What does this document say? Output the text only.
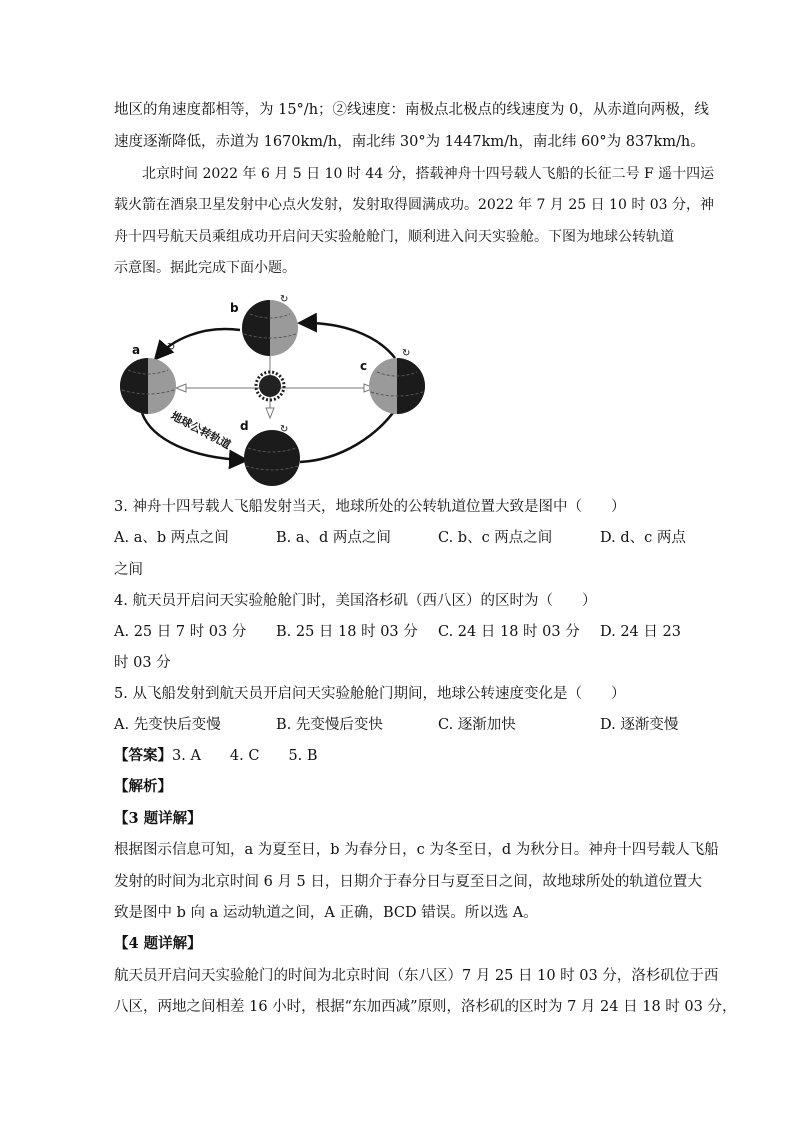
地区的角速度都相等，为 15°/h；②线速度：南极点北极点的线速度为 0，从赤道向两极，线
速度逐渐降低，赤道为 1670km/h，南北纬 30°为 1447km/h，南北纬 60°为 837km/h。
北京时间 2022 年 6 月 5 日 10 时 44 分，搭载神舟十四号载人飞船的长征二号 F 遥十四运
载火箭在酒泉卫星发射中心点火发射，发射取得圆满成功。2022 年 7 月 25 日 10 时 03 分，神
舟十四号航天员乘组成功开启问天实验舱舱门，顺利进入问天实验舱。下图为地球公转轨道
示意图。据此完成下面小题。
↻
↻
↻
↻
a
b
c
d
地球公转轨道
3. 神舟十四号载人飞船发射当天，地球所处的公转轨道位置大致是图中（　　）
A. a、b 两点之间	B. a、d 两点之间	C. b、c 两点之间	D. d、c 两点
之间
4. 航天员开启问天实验舱舱门时，美国洛杉矶（西八区）的区时为（　　）
A. 25 日 7 时 03 分 B. 25 日 18 时 03 分 C. 24 日 18 时 03 分 D. 24 日 23
时 03 分
5. 从飞船发射到航天员开启问天实验舱舱门期间，地球公转速度变化是（　　）
A. 先变快后变慢	B. 先变慢后变快	C. 逐渐加快	D. 逐渐变慢
【答案】3. A　　4. C　　5. B
【解析】
【3 题详解】
根据图示信息可知，a 为夏至日，b 为春分日，c 为冬至日，d 为秋分日。神舟十四号载人飞船
发射的时间为北京时间 6 月 5 日，日期介于春分日与夏至日之间，故地球所处的轨道位置大
致是图中 b 向 a 运动轨道之间，A 正确，BCD 错误。所以选 A。
【4 题详解】
航天员开启问天实验舱门的时间为北京时间（东八区）7 月 25 日 10 时 03 分，洛杉矶位于西
八区，两地之间相差 16 小时，根据“东加西减”原则，洛杉矶的区时为 7 月 24 日 18 时 03 分，
